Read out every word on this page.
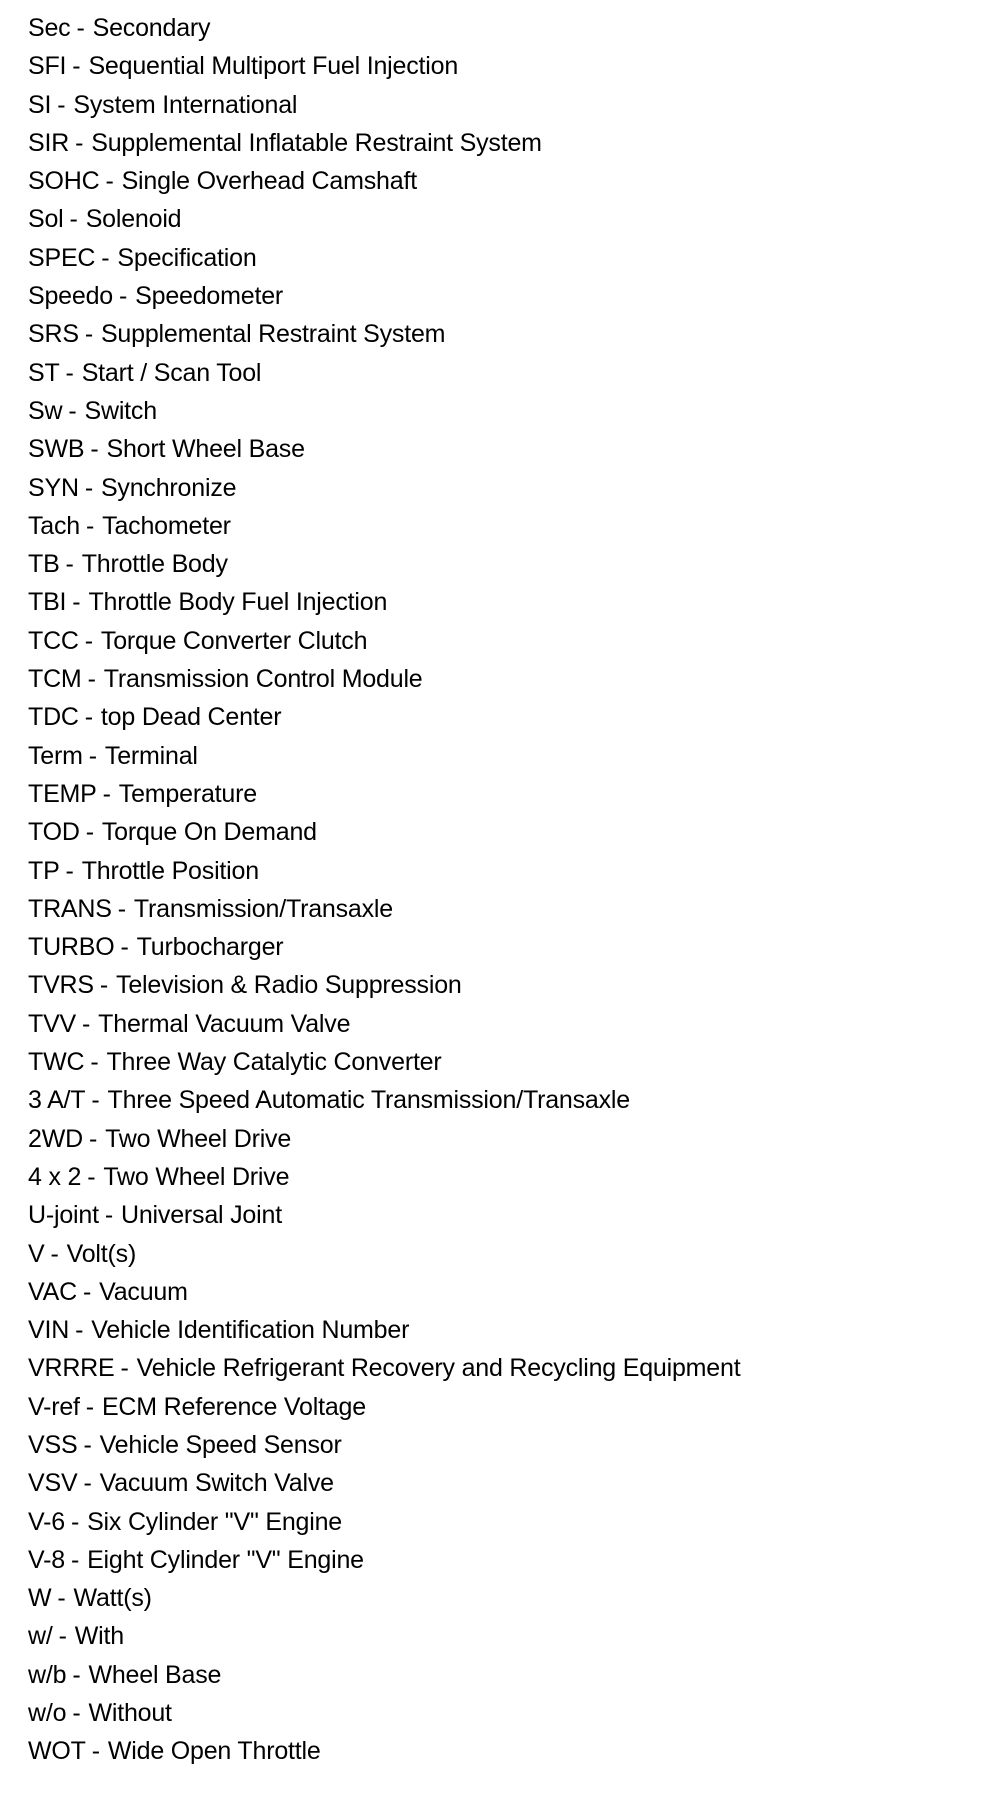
Sec - Secondary
SFI - Sequential Multiport Fuel Injection
SI - System International
SIR - Supplemental Inflatable Restraint System
SOHC - Single Overhead Camshaft
Sol - Solenoid
SPEC - Specification
Speedo - Speedometer
SRS - Supplemental Restraint System
ST - Start / Scan Tool
Sw - Switch
SWB - Short Wheel Base
SYN - Synchronize
Tach - Tachometer
TB - Throttle Body
TBI - Throttle Body Fuel Injection
TCC - Torque Converter Clutch
TCM - Transmission Control Module
TDC - top Dead Center
Term - Terminal
TEMP - Temperature
TOD - Torque On Demand
TP - Throttle Position
TRANS - Transmission/Transaxle
TURBO - Turbocharger
TVRS - Television & Radio Suppression
TVV - Thermal Vacuum Valve
TWC - Three Way Catalytic Converter
3 A/T - Three Speed Automatic Transmission/Transaxle
2WD - Two Wheel Drive
4 x 2 - Two Wheel Drive
U-joint - Universal Joint
V - Volt(s)
VAC - Vacuum
VIN - Vehicle Identification Number
VRRRE - Vehicle Refrigerant Recovery and Recycling Equipment
V-ref - ECM Reference Voltage
VSS - Vehicle Speed Sensor
VSV - Vacuum Switch Valve
V-6 - Six Cylinder "V" Engine
V-8 - Eight Cylinder "V" Engine
W - Watt(s)
w/ - With
w/b - Wheel Base
w/o - Without
WOT - Wide Open Throttle
